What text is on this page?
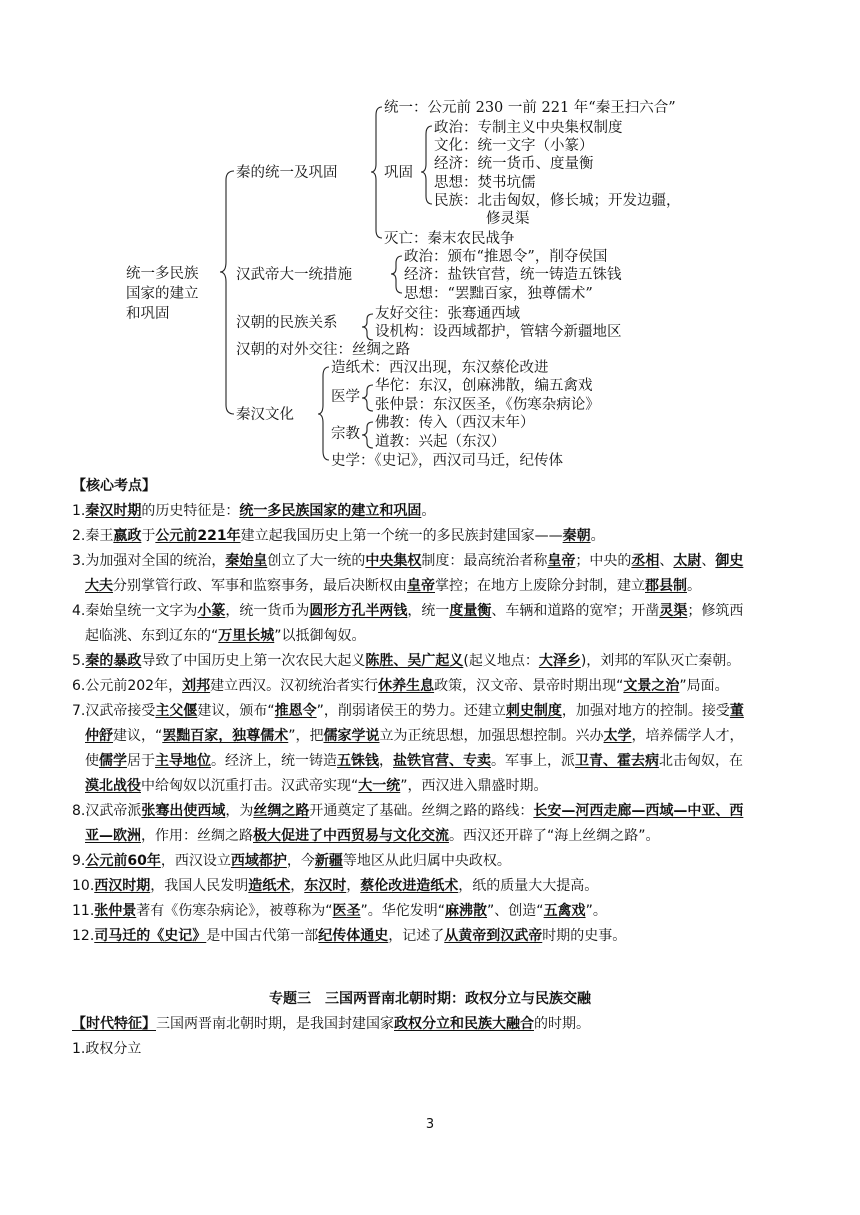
统一多民族
国家的建立
和巩固
秦的统一及巩固
统一：公元前 230 一前 221 年“秦王扫六合”
巩固
政治：专制主义中央集权制度
文化：统一文字（小篆）
经济：统一货币、度量衡
思想：焚书坑儒
民族：北击匈奴，修长城；开发边疆，
修灵渠
灭亡：秦末农民战争
汉武帝大一统措施
政治：颁布“推恩令”，削夺侯国
经济：盐铁官营，统一铸造五铢钱
思想：“罢黜百家，独尊儒术”
汉朝的民族关系
友好交往：张骞通西域
设机构：设西域都护，管辖今新疆地区
汉朝的对外交往：丝绸之路
秦汉文化
造纸术：西汉出现，东汉蔡伦改进
医学
华佗：东汉，创麻沸散，编五禽戏
张仲景：东汉医圣，《伤寒杂病论》
宗教
佛教：传入（西汉末年）
道教：兴起（东汉）
史学：《史记》，西汉司马迁，纪传体
【核心考点】
1.秦汉时期的历史特征是：统一多民族国家的建立和巩固。
2.秦王嬴政于公元前221年建立起我国历史上第一个统一的多民族封建国家——秦朝。
3.为加强对全国的统治，秦始皇创立了大一统的中央集权制度：最高统治者称皇帝；中央的丞相、太尉、御史
大夫分别掌管行政、军事和监察事务，最后决断权由皇帝掌控；在地方上废除分封制，建立郡县制。
4.秦始皇统一文字为小篆，统一货币为圆形方孔半两钱，统一度量衡、车辆和道路的宽窄；开凿灵渠；修筑西
起临洮、东到辽东的“万里长城”以抵御匈奴。
5.秦的暴政导致了中国历史上第一次农民大起义陈胜、吴广起义(起义地点：大泽乡)，刘邦的军队灭亡秦朝。
6.公元前202年，刘邦建立西汉。汉初统治者实行休养生息政策，汉文帝、景帝时期出现“文景之治”局面。
7.汉武帝接受主父偃建议，颁布“推恩令”，削弱诸侯王的势力。还建立刺史制度，加强对地方的控制。接受董
仲舒建议，“罢黜百家，独尊儒术”，把儒家学说立为正统思想，加强思想控制。兴办太学，培养儒学人才，
使儒学居于主导地位。经济上，统一铸造五铢钱，盐铁官营、专卖。军事上，派卫青、霍去病北击匈奴，在
漠北战役中给匈奴以沉重打击。汉武帝实现“大一统”，西汉进入鼎盛时期。
8.汉武帝派张骞出使西域，为丝绸之路开通奠定了基础。丝绸之路的路线：长安—河西走廊—西域—中亚、西
亚—欧洲，作用：丝绸之路极大促进了中西贸易与文化交流。西汉还开辟了“海上丝绸之路”。
9.公元前60年，西汉设立西域都护，今新疆等地区从此归属中央政权。
10.西汉时期，我国人民发明造纸术，东汉时，蔡伦改进造纸术，纸的质量大大提高。
11.张仲景著有《伤寒杂病论》，被尊称为“医圣”。华佗发明“麻沸散”、创造“五禽戏”。
12.司马迁的《史记》是中国古代第一部纪传体通史，记述了从黄帝到汉武帝时期的史事。
专题三　三国两晋南北朝时期：政权分立与民族交融
【时代特征】三国两晋南北朝时期，是我国封建国家政权分立和民族大融合的时期。
1.政权分立
3
